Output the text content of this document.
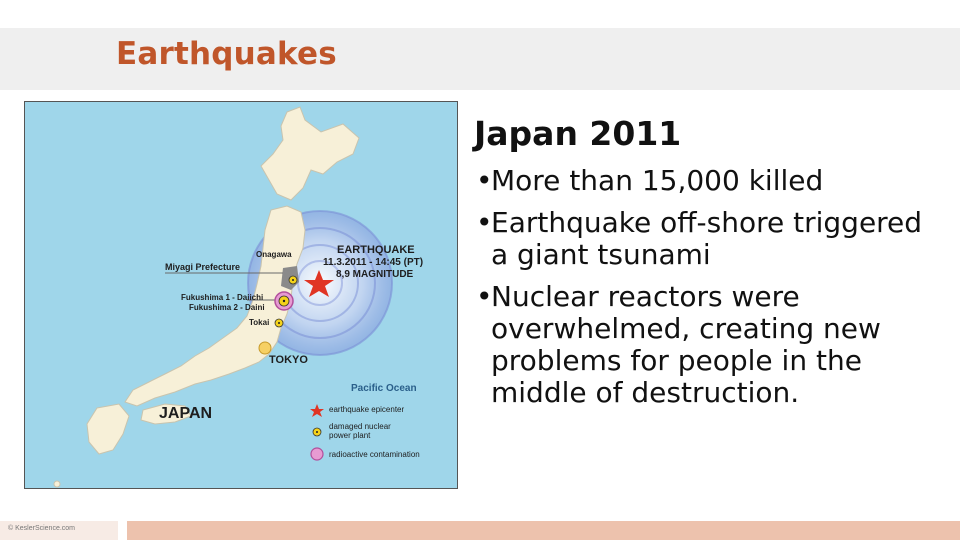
Earthquakes
EARTHQUAKE
11.3.2011 - 14:45 (PT)
8,9 MAGNITUDE
Onagawa
Miyagi Prefecture
Fukushima 1 - Daiichi
Fukushima 2 - Daini
Tokai
TOKYO
Pacific Ocean
JAPAN	earthquake epicenter
damaged nuclear
power plant
radioactive contamination
Japan 2011
• More than 15,000 killed
• Earthquake off-shore triggered a giant tsunami
• Nuclear reactors were overwhelmed, creating new problems for people in the middle of destruction.
© KeslerScience.com
